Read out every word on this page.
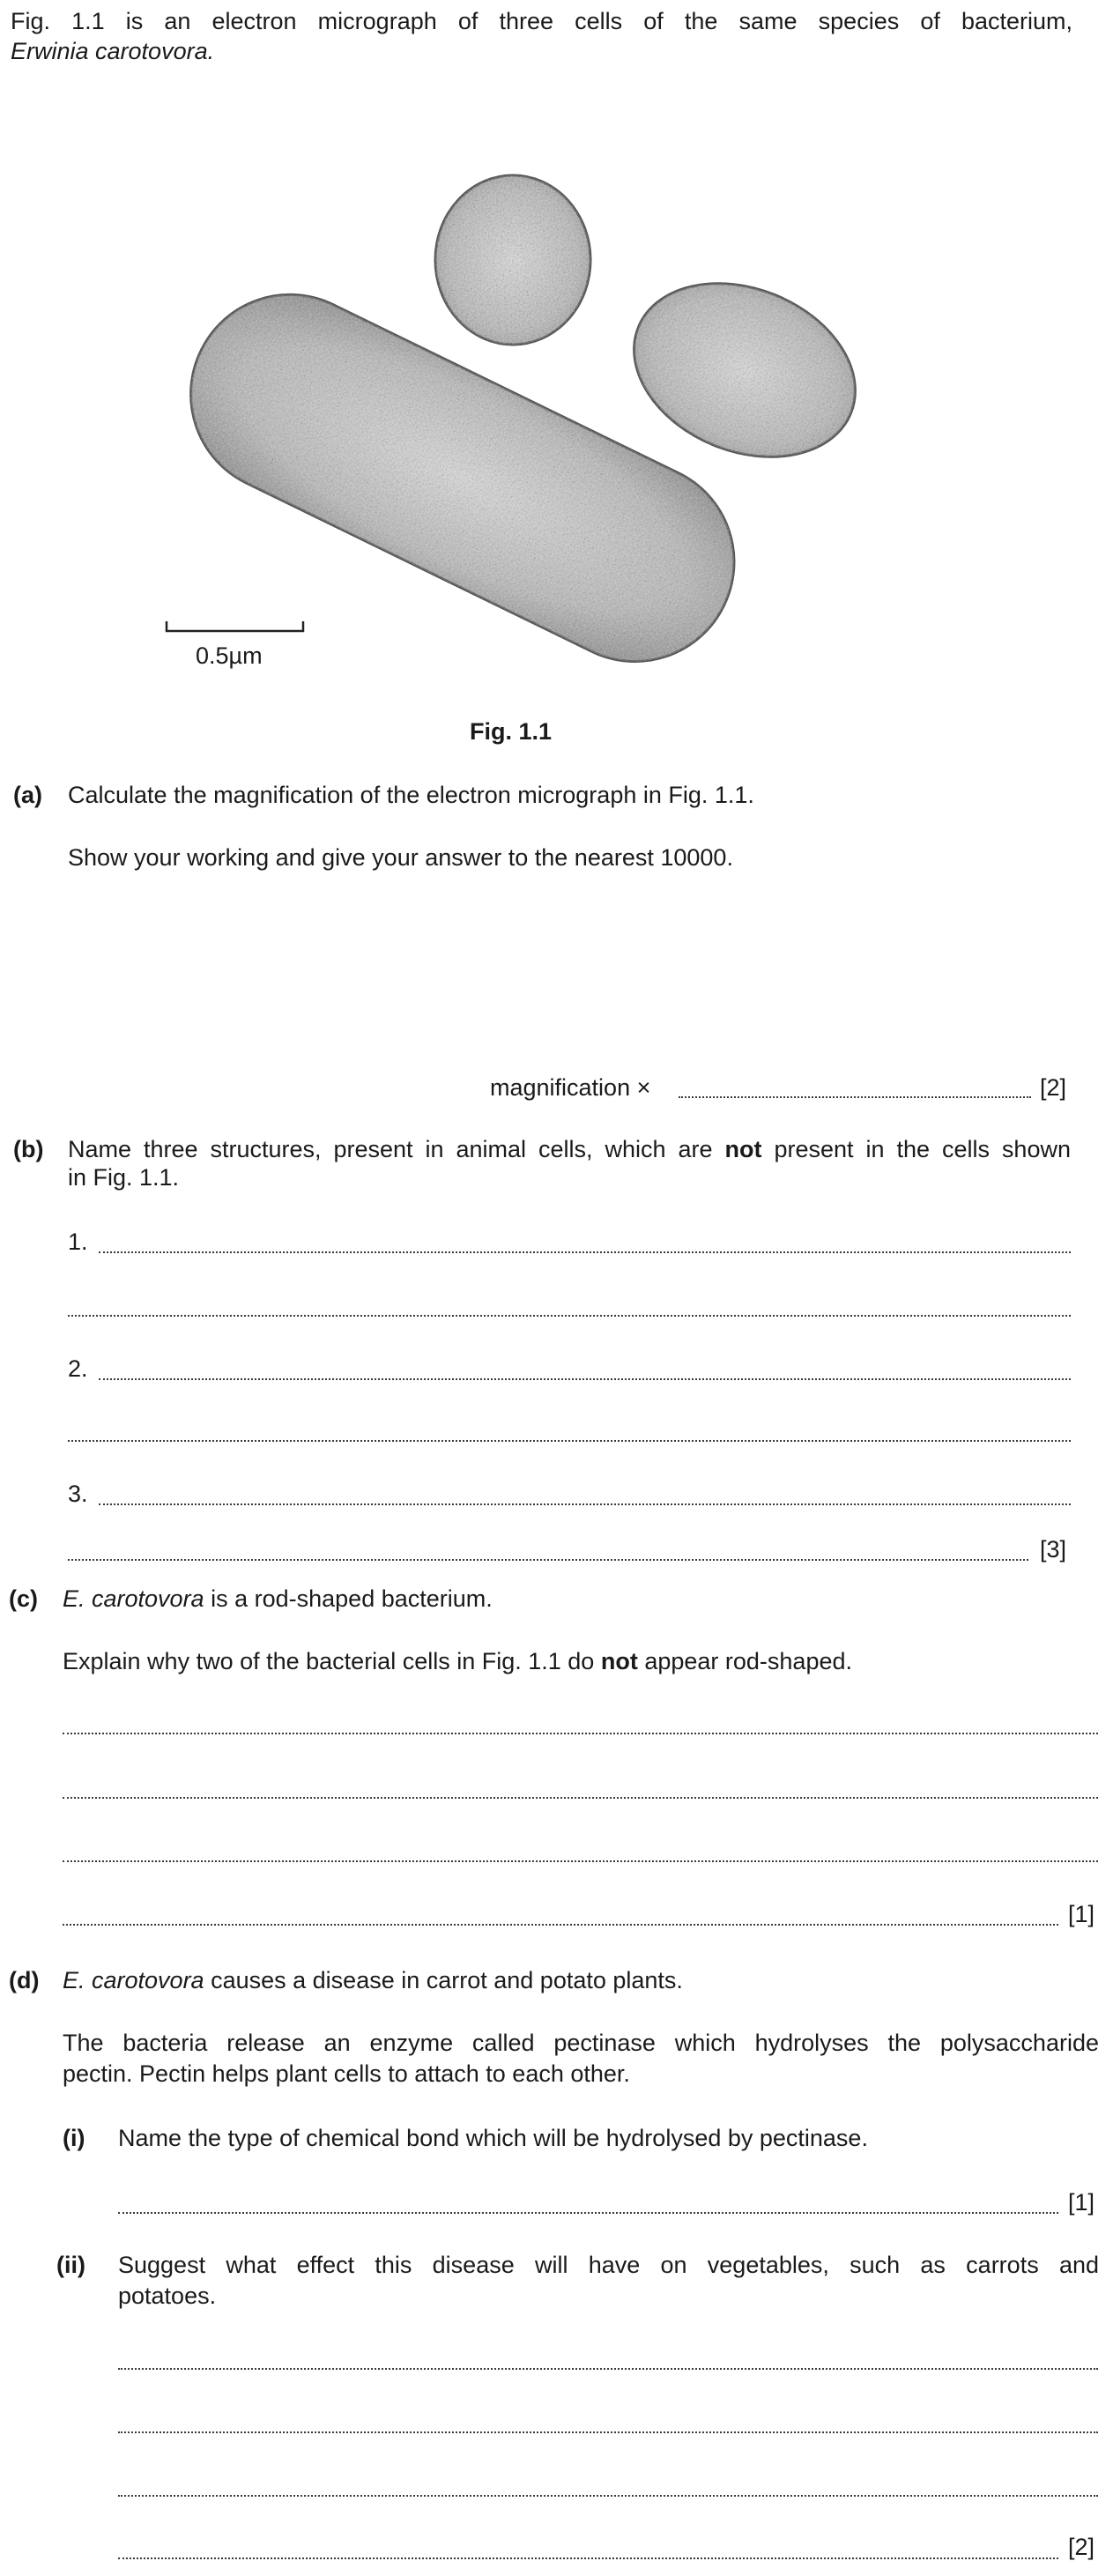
Fig. 1.1 is an electron micrograph of three cells of the same species of bacterium,
Erwinia carotovora.
0.5µm
Fig. 1.1
(a) Calculate the magnification of the electron micrograph in Fig. 1.1.
Show your working and give your answer to the nearest 10000.
magnification ×	[2]
(b) Name three structures, present in animal cells, which are not present in the cells shown
in Fig. 1.1.
1.
2.
3.
[3]
(c) E. carotovora is a rod-shaped bacterium.
Explain why two of the bacterial cells in Fig. 1.1 do not appear rod-shaped.
[1]
(d) E. carotovora causes a disease in carrot and potato plants.
The bacteria release an enzyme called pectinase which hydrolyses the polysaccharide
pectin. Pectin helps plant cells to attach to each other.
(i) Name the type of chemical bond which will be hydrolysed by pectinase.
[1]
(ii) Suggest what effect this disease will have on vegetables, such as carrots and
potatoes.
[2]
